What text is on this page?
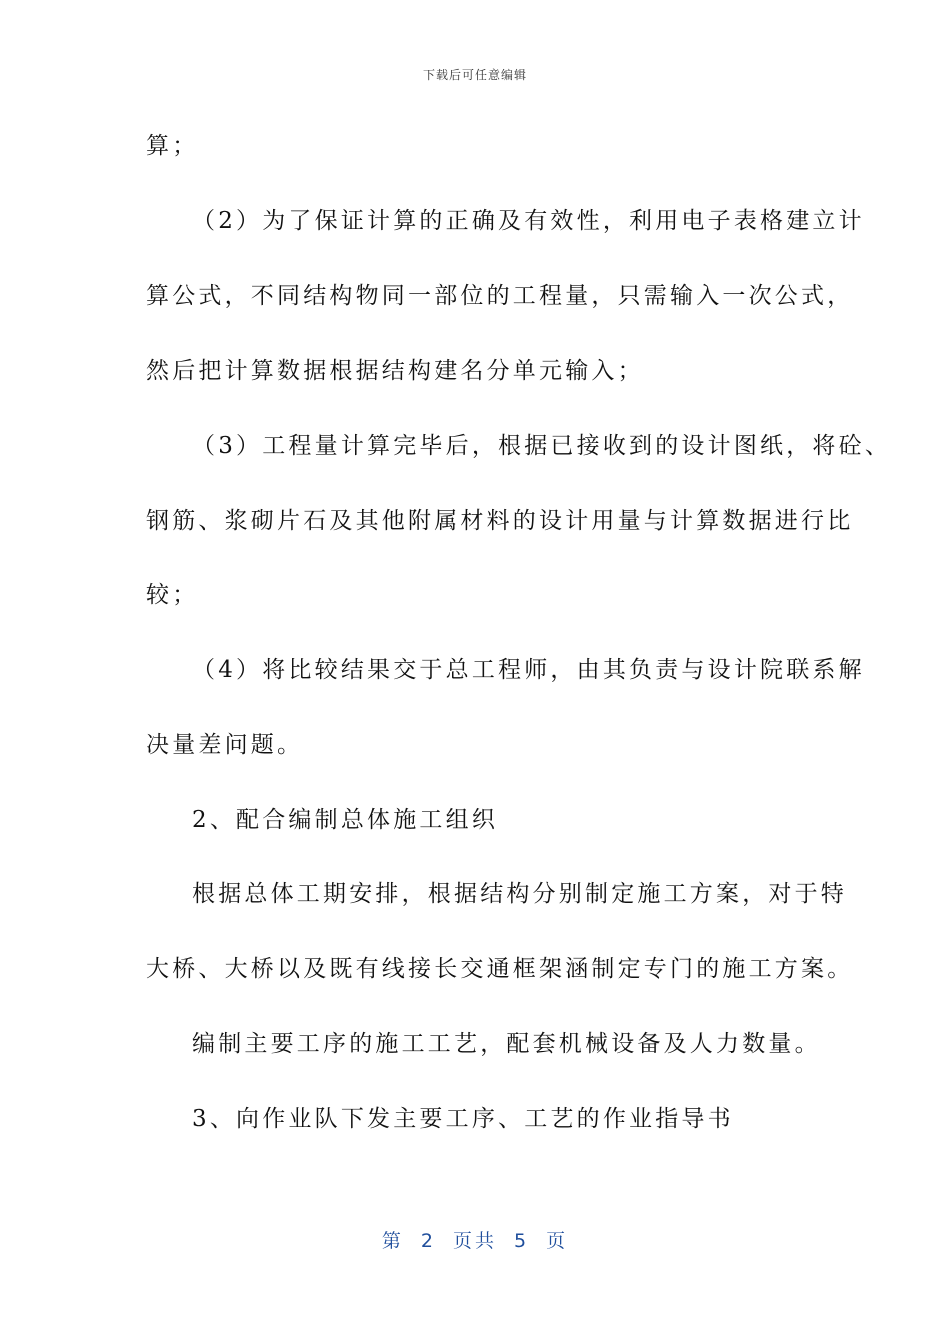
下载后可任意编辑
算；
（2）为了保证计算的正确及有效性，利用电子表格建立计
算公式，不同结构物同一部位的工程量，只需输入一次公式，
然后把计算数据根据结构建名分单元输入；
（3）工程量计算完毕后，根据已接收到的设计图纸，将砼、
钢筋、浆砌片石及其他附属材料的设计用量与计算数据进行比
较；
（4）将比较结果交于总工程师，由其负责与设计院联系解
决量差问题。
2、配合编制总体施工组织
根据总体工期安排，根据结构分别制定施工方案，对于特
大桥、大桥以及既有线接长交通框架涵制定专门的施工方案。
编制主要工序的施工工艺，配套机械设备及人力数量。
3、向作业队下发主要工序、工艺的作业指导书
第 2 页共 5 页
